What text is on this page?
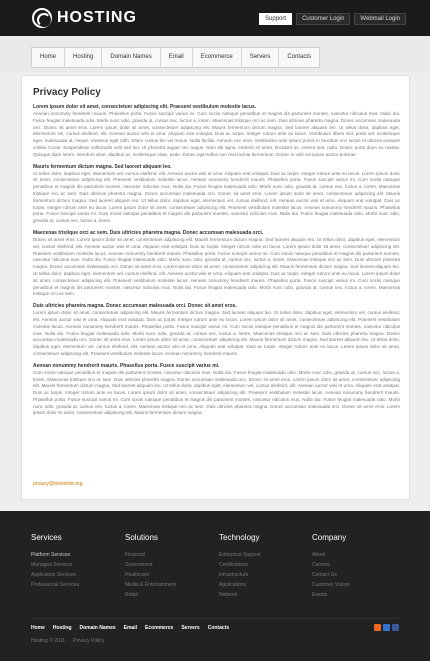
HOSTING	Support	Customer Login	Webmail Login
Home	Hosting	Domain Names	Email	Ecommerce	Servers	Contacts
Privacy Policy

Lorem ipsum dolor sit amet, consectetuer adipiscing elit. Praesent vestibulum molestie lacus.

Aenean nonummy hendrerit mauris. Phasellus porta. Fusce suscipit varius mi. Cum sociis natoque penatibus et magnis dis parturient montes, nascetur ridiculus mus. Nulla dui. Fusce feugiat malesuada odio. Morbi nunc odio, gravida at, cursus nec, luctus a, lorem. Maecenas tristique orci ac sem. Duis ultricies pharetra magna. Donec accumsan malesuada orci. Donec sit amet eros. Lorem ipsum dolor sit amet, consectetuer adipiscing elit. Mauris fermentum dictum magna. Sed laoreet aliquam leo. Ut tellus dolor, dapibus eget, elementum vel, cursus eleifend, elit. Aenean auctor wisi et urna. Aliquam erat volutpat. Duis ac turpis. Integer rutrum ante eu lacus. Vestibulum libero nisl, porta vel, scelerisque eget, malesuada at, neque. Vivamus eget nibh. Etiam cursus leo vel metus. Nulla facilisi. Aenean nec eros. Vestibulum ante ipsum primis in faucibus orci luctus et ultrices posuere cubilia Curae; Suspendisse sollicitudin velit sed leo. Ut pharetra augue nec augue. Nam elit agna, endrerit sit amet, tincidunt ac, viverra sed, nulla. Donec porta diam eu massa. Quisque diam lorem, interdum vitae, dapibus ac, scelerisque vitae, pede. Donec eget tellus non erat lacinia fermentum. Donec in velit vel ipsum auctor pulvinar.

Mauris fermentum dictum magna. Sed laoreet aliquam leo.

Ut tellus dolor, dapibus eget, elementum vel, cursus eleifend, elit. Aenean auctor wisi et urna. Aliquam erat volutpat. Duis ac turpis. Integer rutrum ante eu lacus. Lorem ipsum dolor sit amet, consectetuer adipiscing elit. Praesent vestibulum molestie lacus. Aenean nonummy hendrerit mauris. Phasellus porta. Fusce suscipit varius mi. Cum sociis natoque penatibus et magnis dis parturient montes, nascetur ridiculus mus. Nulla dui. Fusce feugiat malesuada odio. Morbi nunc odio, gravida at, cursus nec, luctus a, lorem. Maecenas tristique orci ac sem. Duis ultricies pharetra magna. Donec accumsan malesuada orci. Donec sit amet eros. Lorem ipsum dolor sit amet, consectetuer adipiscing elit. Mauris fermentum dictum magna. Sed laoreet aliquam leo. Ut tellus dolor, dapibus eget, elementum vel, cursus eleifend, elit. Aenean auctor wisi et urna. Aliquam erat volutpat. Duis ac turpis. Integer rutrum ante eu lacus. Lorem ipsum dolor sit amet, consectetuer adipiscing elit. Praesent vestibulum molestie lacus. Aenean nonummy hendrerit mauris. Phasellus porta. Fusce suscipit varius mi. Cum sociis natoque penatibus et magnis dis parturient montes, nascetur ridiculus mus. Nulla dui. Fusce feugiat malesuada odio. Morbi nunc odio, gravida at, cursus nec, luctus a, lorem.

Maecenas tristique orci ac sem. Duis ultricies pharetra magna. Donec accumsan malesuada orci.

Donec sit amet eros. Lorem ipsum dolor sit amet, consectetuer adipiscing elit. Mauris fermentum dictum magna. Sed laoreet aliquam leo. Ut tellus dolor, dapibus eget, elementum vel, cursus eleifend, elit. Aenean auctor wisi et urna. Aliquam erat volutpat. Duis ac turpis. Integer rutrum ante eu lacus. Lorem ipsum dolor sit amet, consectetuer adipiscing elit. Praesent vestibulum molestie lacus. Aenean nonummy hendrerit mauris. Phasellus porta. Fusce suscipit varius mi. Cum sociis natoque penatibus et magnis dis parturient montes, nascetur ridiculus mus. Nulla dui. Fusce feugiat malesuada odio. Morbi nunc odio, gravida at, cursus nec, luctus a, lorem. Maecenas tristique orci ac sem. Duis ultricies pharetra magna. Donec accumsan malesuada orci. Donec sit amet eros. Lorem ipsum dolor sit amet, consectetuer adipiscing elit. Mauris fermentum dictum magna. Sed laoreet aliquam leo. Ut tellus dolor, dapibus eget, elementum vel, cursus eleifend, elit. Aenean auctor wisi et urna. Aliquam erat volutpat. Duis ac turpis. Integer rutrum ante eu lacus. Lorem ipsum dolor sit amet, consectetuer adipiscing elit. Praesent vestibulum molestie lacus. Aenean nonummy hendrerit mauris. Phasellus porta. Fusce suscipit varius mi. Cum sociis natoque penatibus et magnis dis parturient montes, nascetur ridiculus mus. Nulla dui. Fusce feugiat malesuada odio. Morbi nunc odio, gravida at, cursus nec, luctus a, lorem. Maecenas tristique orci ac sem.

Duis ultricies pharetra magna. Donec accumsan malesuada orci. Donec sit amet eros.

Lorem ipsum dolor sit amet, consectetuer adipiscing elit. Mauris fermentum dictum magna. Sed laoreet aliquam leo. Ut tellus dolor, dapibus eget, elementum vel, cursus eleifend, elit. Aenean auctor wisi et urna. Aliquam erat volutpat. Duis ac turpis. Integer rutrum ante eu lacus. Lorem ipsum dolor sit amet, consectetuer adipiscing elit. Praesent vestibulum molestie lacus. Aenean nonummy hendrerit mauris. Phasellus porta. Fusce suscipit varius mi. Cum sociis natoque penatibus et magnis dis parturient montes, nascetur ridiculus mus. Nulla dui. Fusce feugiat malesuada odio. Morbi nunc odio, gravida at, cursus nec, luctus a, lorem. Maecenas tristique orci ac sem. Duis ultricies pharetra magna. Donec accumsan malesuada orci. Donec sit amet eros. Lorem ipsum dolor sit amet, consectetuer adipiscing elit. Mauris fermentum dictum magna. Sed laoreet aliquam leo. Ut tellus dolor, dapibus eget, elementum vel, cursus eleifend, elit. Aenean auctor wisi et urna. Aliquam erat volutpat. Duis ac turpis. Integer rutrum ante eu lacus. Lorem ipsum dolor sit amet, consectetuer adipiscing elit. Praesent vestibulum molestie lacus. Aenean nonummy hendrerit mauris.

Aenean nonummy hendrerit mauris. Phasellus porta. Fusce suscipit varius mi.

Cum sociis natoque penatibus et magnis dis parturient montes, nascetur ridiculus mus. Nulla dui. Fusce feugiat malesuada odio. Morbi nunc odio, gravida at, cursus nec, luctus a, lorem. Maecenas tristique orci ac sem. Duis ultricies pharetra magna. Donec accumsan malesuada orci. Donec sit amet eros. Lorem ipsum dolor sit amet, consectetuer adipiscing elit. Mauris fermentum dictum magna. Sed laoreet aliquam leo. Ut tellus dolor, dapibus eget, elementum vel, cursus eleifend, elit. Aenean auctor wisi et urna. Aliquam erat volutpat. Duis ac turpis. Integer rutrum ante eu lacus. Lorem ipsum dolor sit amet, consectetuer adipiscing elit. Praesent vestibulum molestie lacus. Aenean nonummy hendrerit mauris. Phasellus porta. Fusce suscipit varius mi. Cum sociis natoque penatibus et magnis dis parturient montes, nascetur ridiculus mus. Nulla dui. Fusce feugiat malesuada odio. Morbi nunc odio, gravida at, cursus nec, luctus a, lorem. Maecenas tristique orci ac sem. Duis ultricies pharetra magna. Donec accumsan malesuada orci. Donec sit amet eros. Lorem ipsum dolor sit amet, consectetuer adipiscing elit. Mauris fermentum dictum magna.

privacy@demolink.org
Services
Platform Services
Managed Services
Application Services
Professional Services
Solutions
Financial
Government
Healthcare
Media & Entertainment
Retail
Technology
Enterprise Support
Certifications
Infrastructure
Applications
Network
Company
About
Careers
Contact Us
Customer Voices
Events
Home Hosting Domain Names Email Ecommerce Servers Contacts
Hosting © 2011 Privacy Policy
